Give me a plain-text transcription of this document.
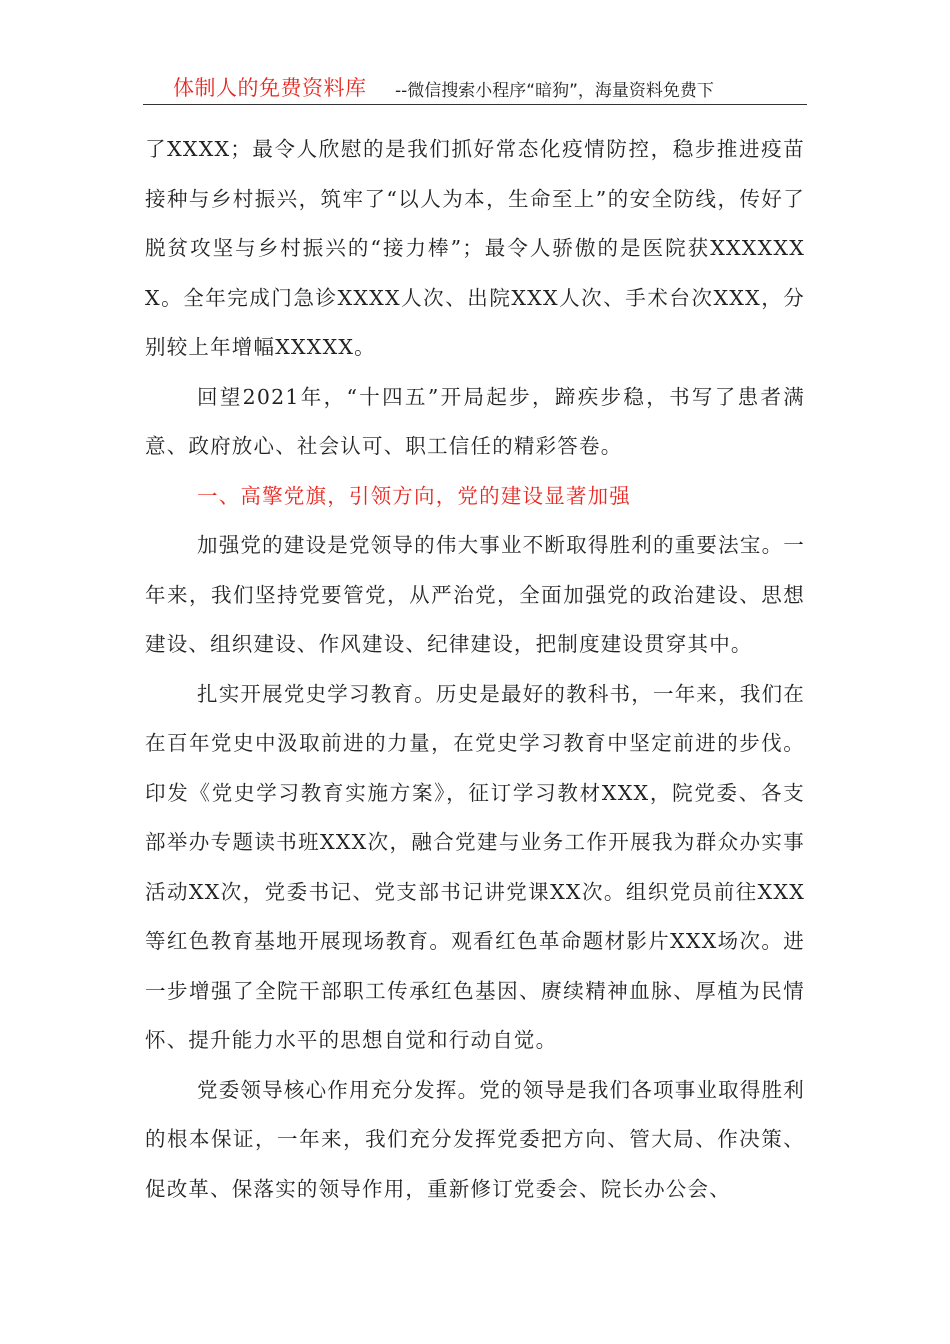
体制人的免费资料库 --微信搜索小程序“暗狗”，海量资料免费下

了XXXX；最令人欣慰的是我们抓好常态化疫情防控，稳步推进疫苗接种与乡村振兴，筑牢了“以人为本，生命至上”的安全防线，传好了脱贫攻坚与乡村振兴的“接力棒”；最令人骄傲的是医院获XXXXXXX。全年完成门急诊XXXX人次、出院XXX人次、手术台次XXX，分别较上年增幅XXXXX。

回望2021年，“十四五”开局起步，蹄疾步稳，书写了患者满意、政府放心、社会认可、职工信任的精彩答卷。

一、高擎党旗，引领方向，党的建设显著加强

加强党的建设是党领导的伟大事业不断取得胜利的重要法宝。一年来，我们坚持党要管党，从严治党，全面加强党的政治建设、思想建设、组织建设、作风建设、纪律建设，把制度建设贯穿其中。

扎实开展党史学习教育。历史是最好的教科书，一年来，我们在在百年党史中汲取前进的力量，在党史学习教育中坚定前进的步伐。印发《党史学习教育实施方案》，征订学习教材XXX，院党委、各支部举办专题读书班XXX次，融合党建与业务工作开展我为群众办实事活动XX次，党委书记、党支部书记讲党课XX次。组织党员前往XXX等红色教育基地开展现场教育。观看红色革命题材影片XXX场次。进一步增强了全院干部职工传承红色基因、赓续精神血脉、厚植为民情怀、提升能力水平的思想自觉和行动自觉。

党委领导核心作用充分发挥。党的领导是我们各项事业取得胜利的根本保证，一年来，我们充分发挥党委把方向、管大局、作决策、促改革、保落实的领导作用，重新修订党委会、院长办公会、
